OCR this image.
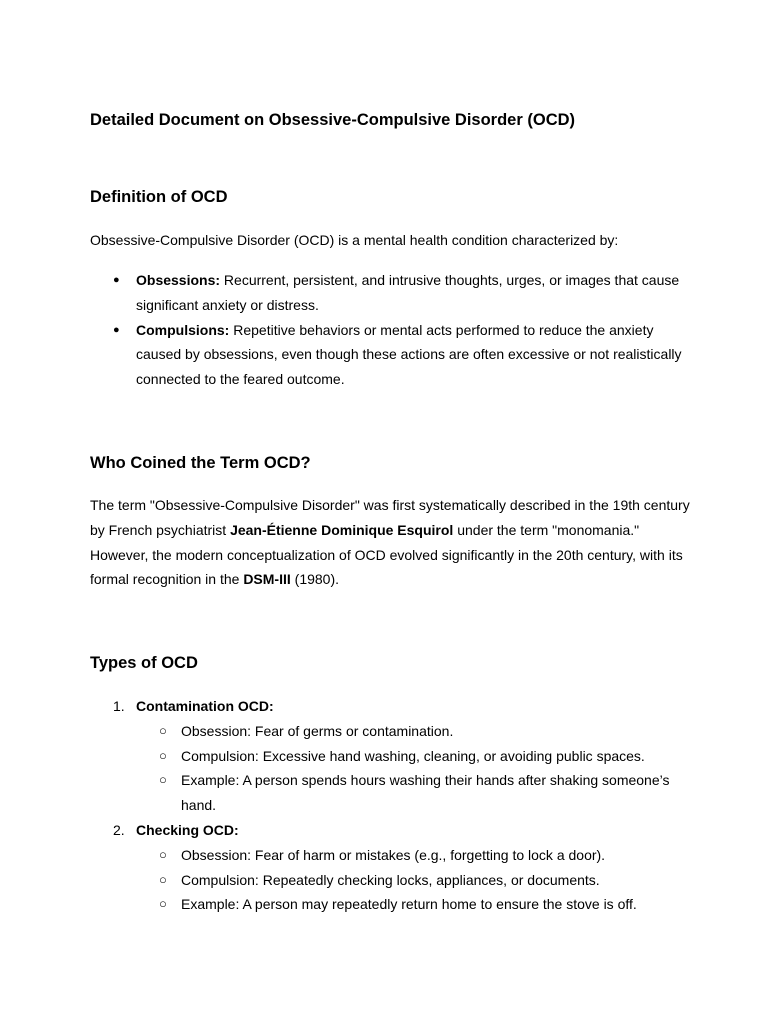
Detailed Document on Obsessive-Compulsive Disorder (OCD)
Definition of OCD

Obsessive-Compulsive Disorder (OCD) is a mental health condition characterized by:

● Obsessions: Recurrent, persistent, and intrusive thoughts, urges, or images that cause significant anxiety or distress.
● Compulsions: Repetitive behaviors or mental acts performed to reduce the anxiety caused by obsessions, even though these actions are often excessive or not realistically connected to the feared outcome.
Who Coined the Term OCD?

The term "Obsessive-Compulsive Disorder" was first systematically described in the 19th century by French psychiatrist Jean-Étienne Dominique Esquirol under the term "monomania." However, the modern conceptualization of OCD evolved significantly in the 20th century, with its formal recognition in the DSM-III (1980).

Types of OCD
1. Contamination OCD:
○ Obsession: Fear of germs or contamination.
○ Compulsion: Excessive hand washing, cleaning, or avoiding public spaces.
○ Example: A person spends hours washing their hands after shaking someone’s hand.
2. Checking OCD:
○ Obsession: Fear of harm or mistakes (e.g., forgetting to lock a door).
○ Compulsion: Repeatedly checking locks, appliances, or documents.
○ Example: A person may repeatedly return home to ensure the stove is off.
